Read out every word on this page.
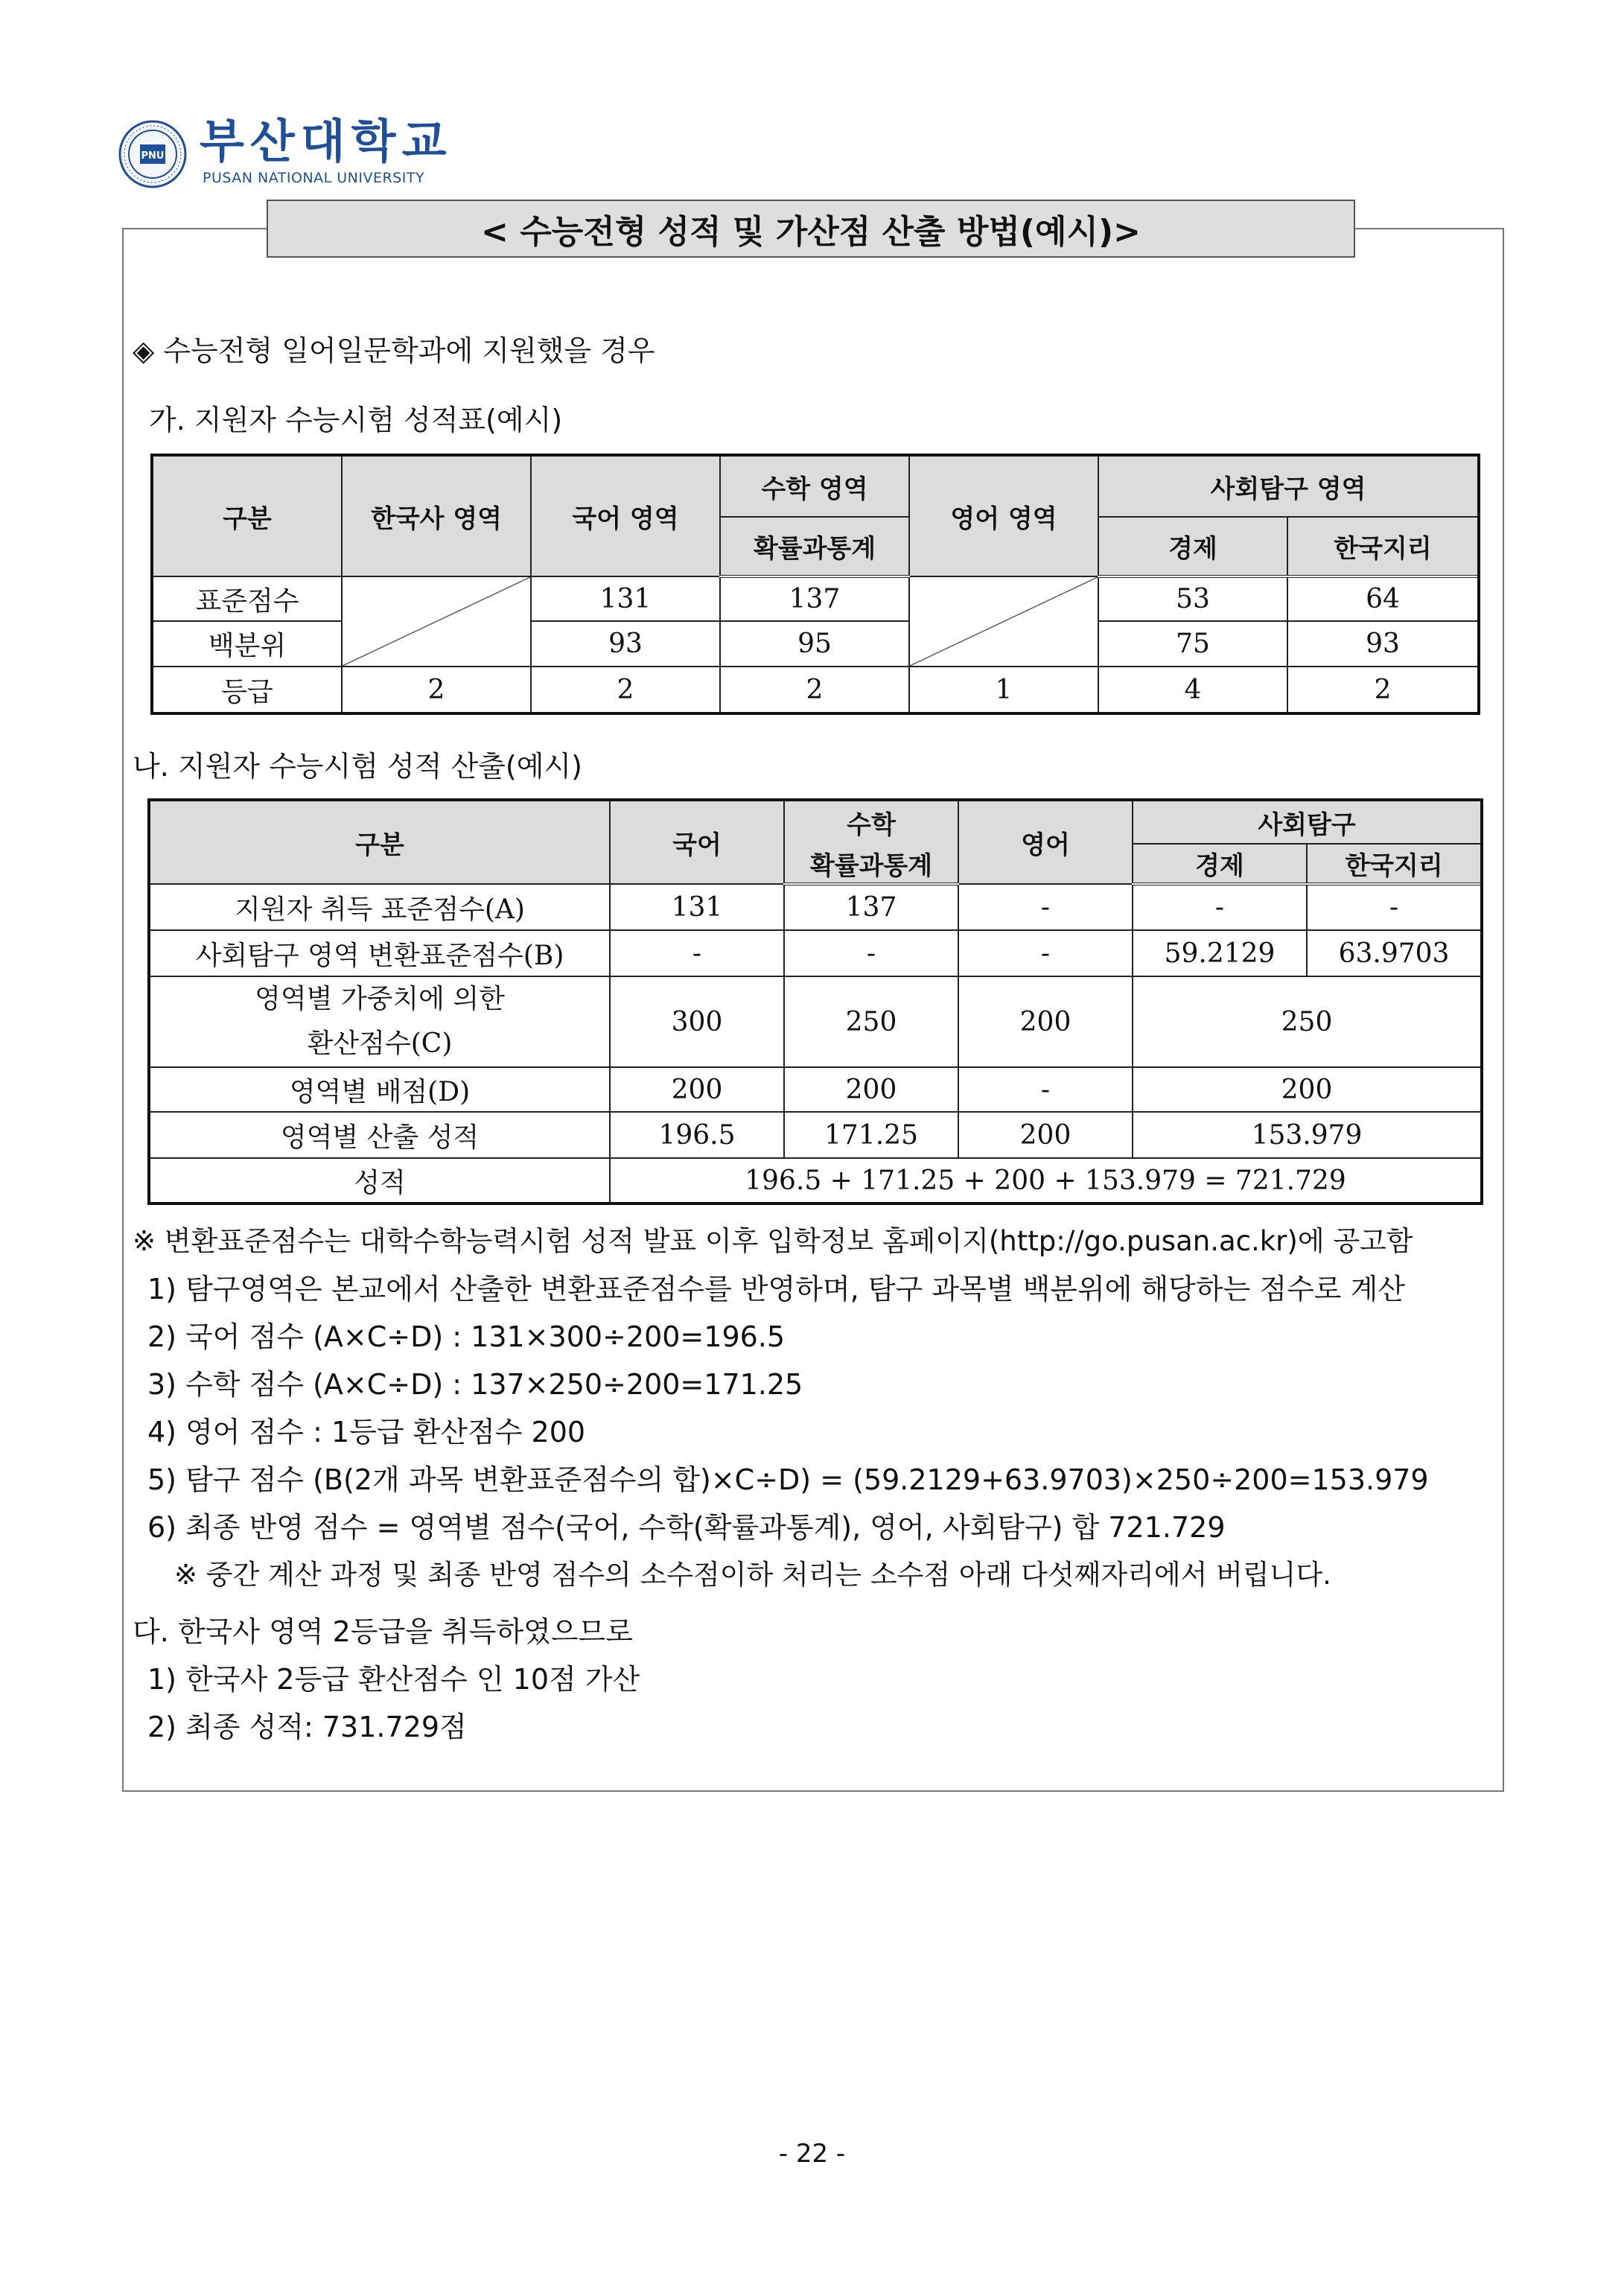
PNU 부산대학교
PUSAN NATIONAL UNIVERSITY
< 수능전형 성적 및 가산점 산출 방법(예시)>
◈ 수능전형 일어일문학과에 지원했을 경우
가. 지원자 수능시험 성적표(예시)
구분	한국사 영역	국어 영역	수학 영역	영어 영역	사회탐구 영역	
			확률과통계		경제	한국지리
표준점수		131	137		53	64
백분위		93	95		75	93
등급	2	2	2	1	4	2
나. 지원자 수능시험 성적 산출(예시)
구분	국어	수학	영어	사회탐구	
		확률과통계		경제	한국지리
지원자 취득 표준점수(A)	131	137	-	-	-
사회탐구 영역 변환표준점수(B)	-	-	-	59.2129	63.9703

영역별 가중치에 의한
환산점수(C)	300	250	200	250	
영역별 배점(D)	200	200	-	200	
영역별 산출 성적	196.5	171.25	200	153.979	
성적	196.5 + 171.25 + 200 + 153.979 = 721.729				
※ 변환표준점수는 대학수학능력시험 성적 발표 이후 입학정보 홈페이지(http://go.pusan.ac.kr)에 공고함
1) 탐구영역은 본교에서 산출한 변환표준점수를 반영하며, 탐구 과목별 백분위에 해당하는 점수로 계산
2) 국어 점수 (A×C÷D) : 131×300÷200=196.5
3) 수학 점수 (A×C÷D) : 137×250÷200=171.25
4) 영어 점수 : 1등급 환산점수 200
5) 탐구 점수 (B(2개 과목 변환표준점수의 합)×C÷D) = (59.2129+63.9703)×250÷200=153.979
6) 최종 반영 점수 = 영역별 점수(국어, 수학(확률과통계), 영어, 사회탐구) 합 721.729
※ 중간 계산 과정 및 최종 반영 점수의 소수점이하 처리는 소수점 아래 다섯째자리에서 버립니다.
다. 한국사 영역 2등급을 취득하였으므로
1) 한국사 2등급 환산점수 인 10점 가산
2) 최종 성적: 731.729점
- 22 -
